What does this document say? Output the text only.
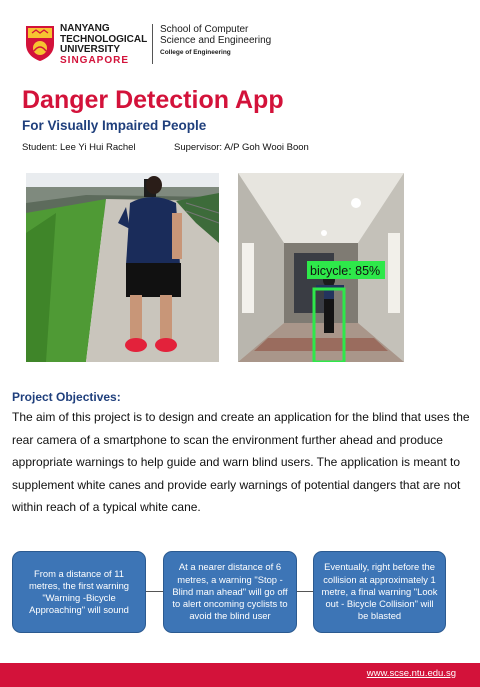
NANYANG
TECHNOLOGICAL
UNIVERSITY
SINGAPORE
School of Computer
Science and Engineering
College of Engineering
Danger Detection App
For Visually Impaired People
Student: Lee Yi Hui Rachel	Supervisor: A/P Goh Wooi Boon
bicycle: 85%
Project Objectives:
The aim of this project is to design and create an application for the blind that uses the rear camera of a smartphone to scan the environment further ahead and produce appropriate warnings to help guide and warn blind users. The application is meant to supplement white canes and provide early warnings of potential dangers that are not within reach of a typical white cane.
From a distance of 11 metres, the first warning "Warning -Bicycle Approaching" will sound
At a nearer distance of 6 metres, a warning "Stop -Blind man ahead" will go off to alert oncoming cyclists to avoid the blind user
Eventually, right before the collision at approximately 1 metre, a final warning "Look out - Bicycle Collision" will be blasted
www.scse.ntu.edu.sg
